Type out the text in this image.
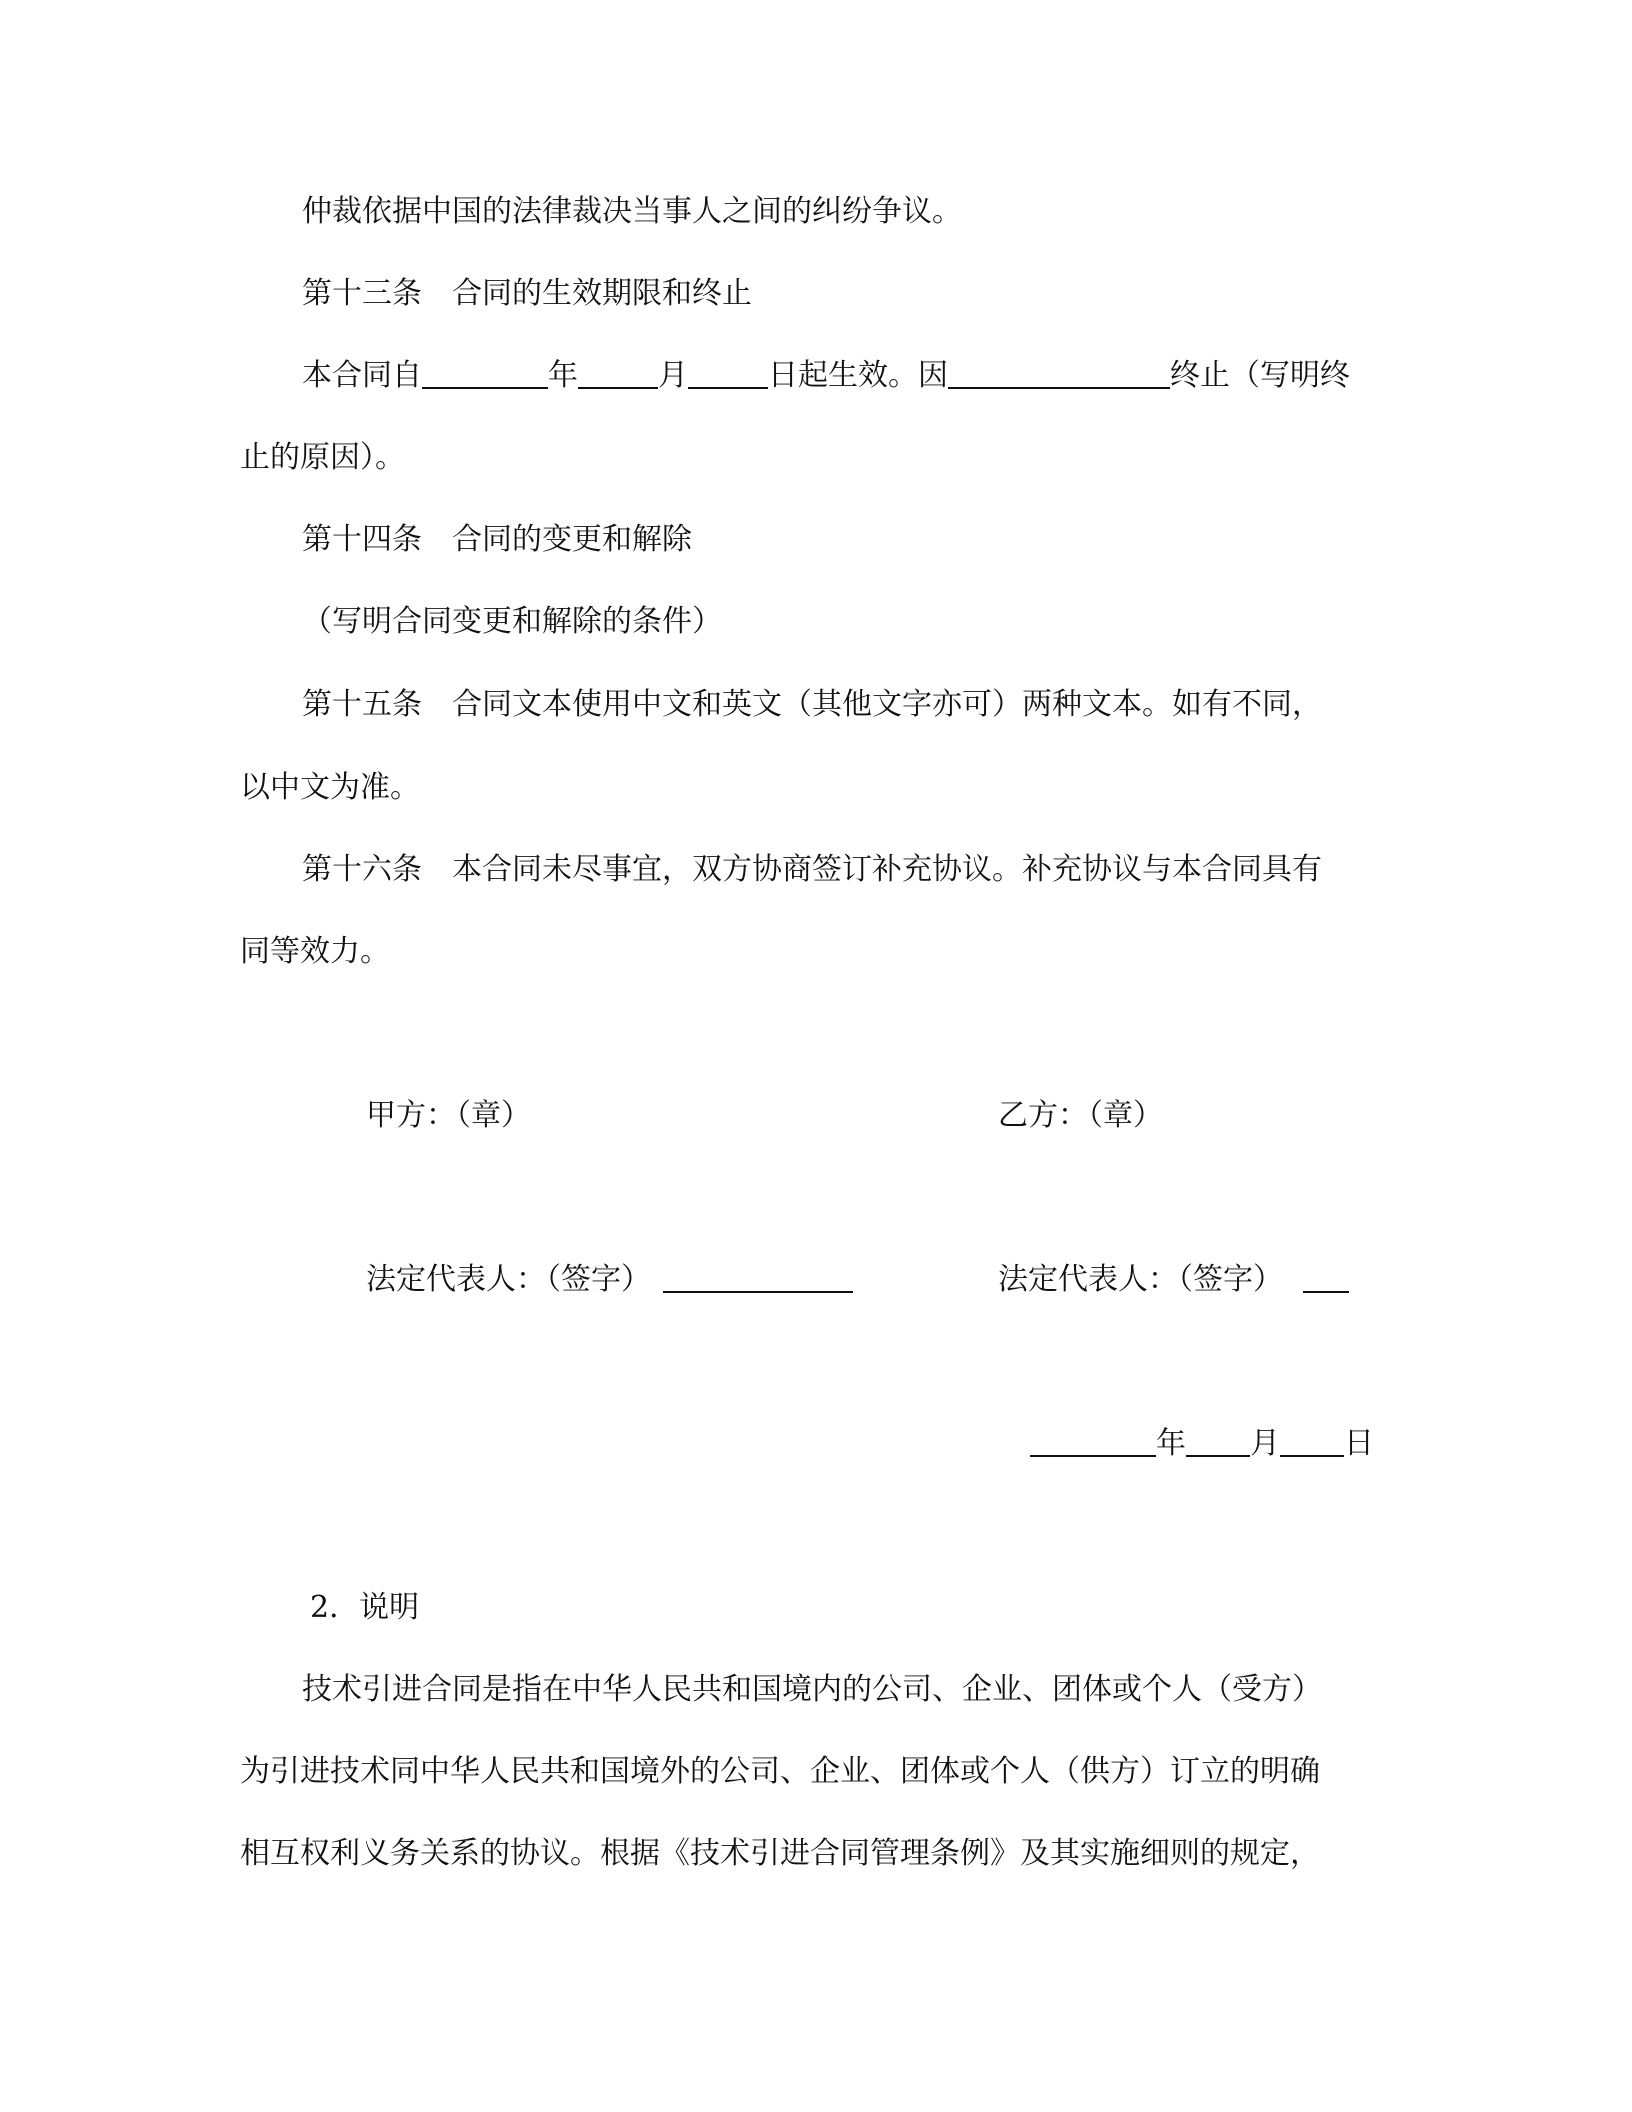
仲裁依据中国的法律裁决当事人之间的纠纷争议。
第十三条 合同的生效期限和终止
本合同自	年	月	日起生效。因	终止（写明终
止的原因）。
第十四条 合同的变更和解除
（写明合同变更和解除的条件）
第十五条 合同文本使用中文和英文（其他文字亦可）两种文本。如有不同，
以中文为准。
第十六条 本合同未尽事宜，双方协商签订补充协议。补充协议与本合同具有
同等效力。
甲方：（章）	乙方：（章）
法定代表人：（签字）	法定代表人：（签字）
年 月 日
2．说明
技术引进合同是指在中华人民共和国境内的公司、企业、团体或个人（受方）
为引进技术同中华人民共和国境外的公司、企业、团体或个人（供方）订立的明确
相互权利义务关系的协议。根据《技术引进合同管理条例》及其实施细则的规定，
